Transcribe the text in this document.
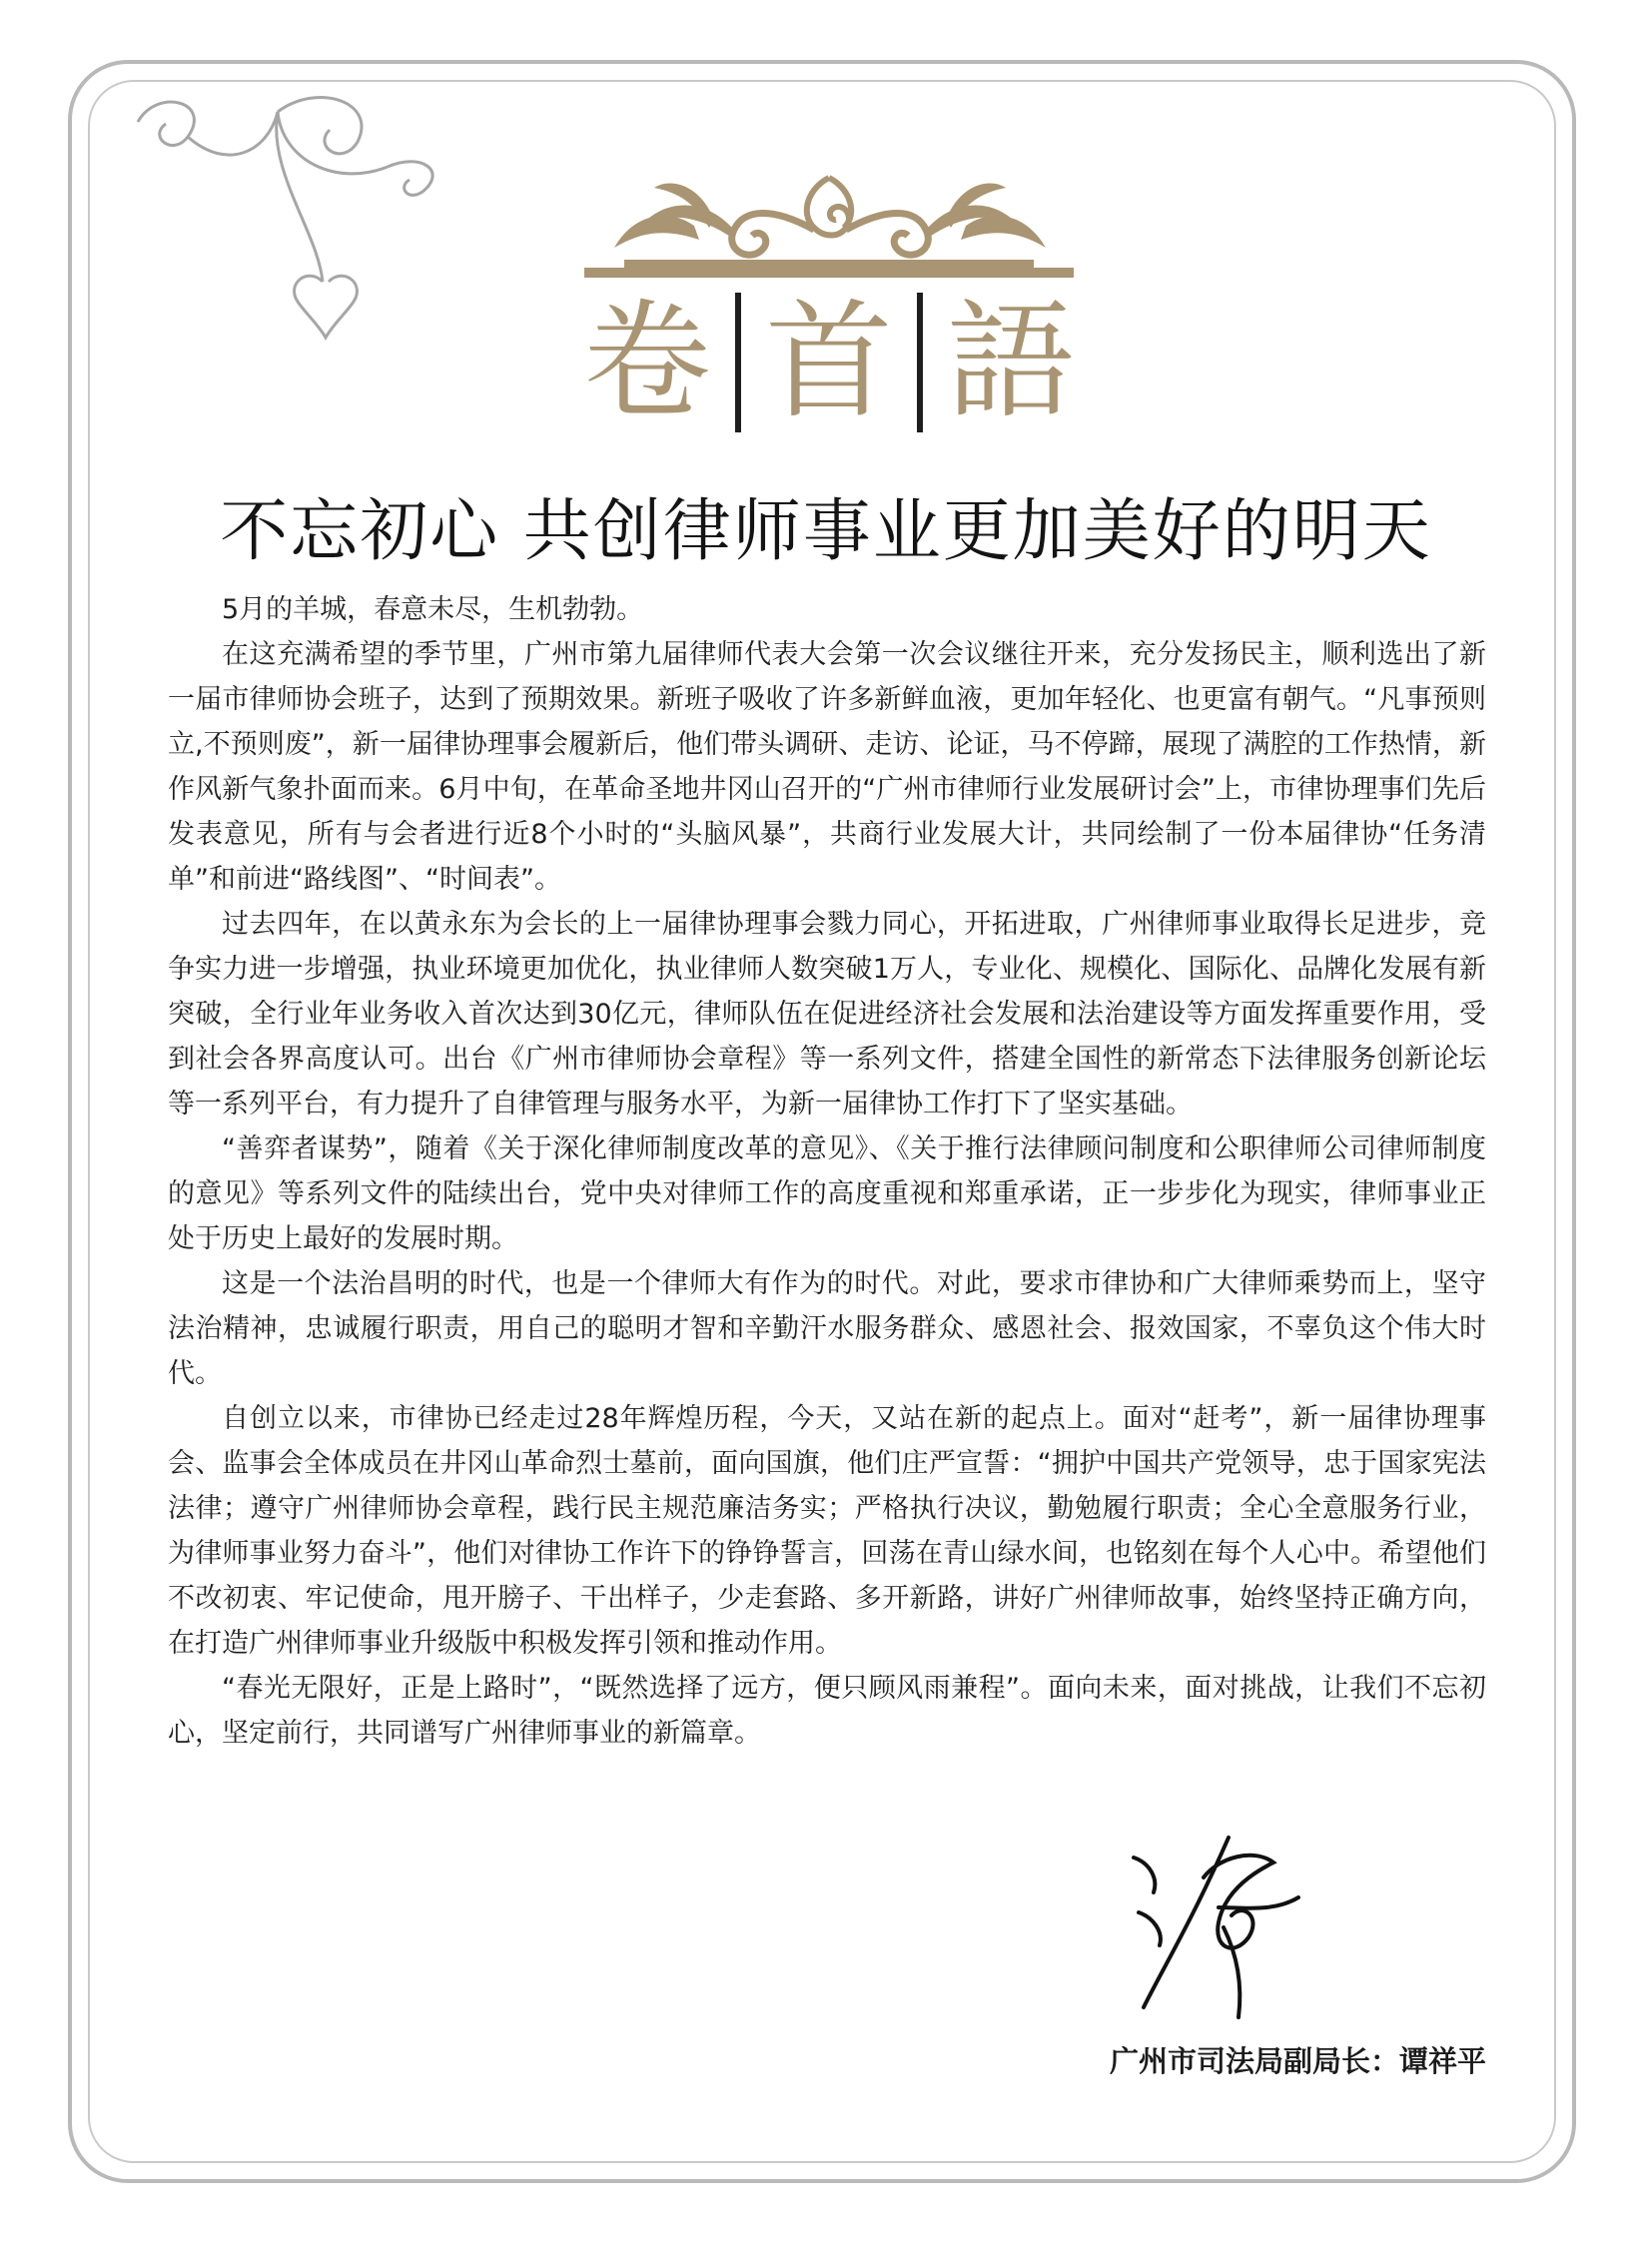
卷 首 語
不忘初心 共创律师事业更加美好的明天

5月的羊城，春意未尽，生机勃勃。

在这充满希望的季节里，广州市第九届律师代表大会第一次会议继往开来，充分发扬民主，顺利选出了新一届市律师协会班子，达到了预期效果。新班子吸收了许多新鲜血液，更加年轻化、也更富有朝气。“凡事预则立,不预则废”，新一届律协理事会履新后，他们带头调研、走访、论证，马不停蹄，展现了满腔的工作热情，新作风新气象扑面而来。6月中旬，在革命圣地井冈山召开的“广州市律师行业发展研讨会”上，市律协理事们先后发表意见，所有与会者进行近8个小时的“头脑风暴”，共商行业发展大计，共同绘制了一份本届律协“任务清单”和前进“路线图”、“时间表”。

过去四年，在以黄永东为会长的上一届律协理事会戮力同心，开拓进取，广州律师事业取得长足进步，竞争实力进一步增强，执业环境更加优化，执业律师人数突破1万人，专业化、规模化、国际化、品牌化发展有新突破，全行业年业务收入首次达到30亿元，律师队伍在促进经济社会发展和法治建设等方面发挥重要作用，受到社会各界高度认可。出台《广州市律师协会章程》等一系列文件，搭建全国性的新常态下法律服务创新论坛等一系列平台，有力提升了自律管理与服务水平，为新一届律协工作打下了坚实基础。

“善弈者谋势”，随着《关于深化律师制度改革的意见》、《关于推行法律顾问制度和公职律师公司律师制度的意见》等系列文件的陆续出台，党中央对律师工作的高度重视和郑重承诺，正一步步化为现实，律师事业正处于历史上最好的发展时期。

这是一个法治昌明的时代，也是一个律师大有作为的时代。对此，要求市律协和广大律师乘势而上，坚守法治精神，忠诚履行职责，用自己的聪明才智和辛勤汗水服务群众、感恩社会、报效国家，不辜负这个伟大时代。

自创立以来，市律协已经走过28年辉煌历程，今天，又站在新的起点上。面对“赶考”，新一届律协理事会、监事会全体成员在井冈山革命烈士墓前，面向国旗，他们庄严宣誓：“拥护中国共产党领导，忠于国家宪法法律；遵守广州律师协会章程，践行民主规范廉洁务实；严格执行决议，勤勉履行职责；全心全意服务行业，为律师事业努力奋斗”，他们对律协工作许下的铮铮誓言，回荡在青山绿水间，也铭刻在每个人心中。希望他们不改初衷、牢记使命，甩开膀子、干出样子，少走套路、多开新路，讲好广州律师故事，始终坚持正确方向，在打造广州律师事业升级版中积极发挥引领和推动作用。

“春光无限好，正是上路时”，“既然选择了远方，便只顾风雨兼程”。面向未来，面对挑战，让我们不忘初心，坚定前行，共同谱写广州律师事业的新篇章。

广州市司法局副局长：谭祥平
